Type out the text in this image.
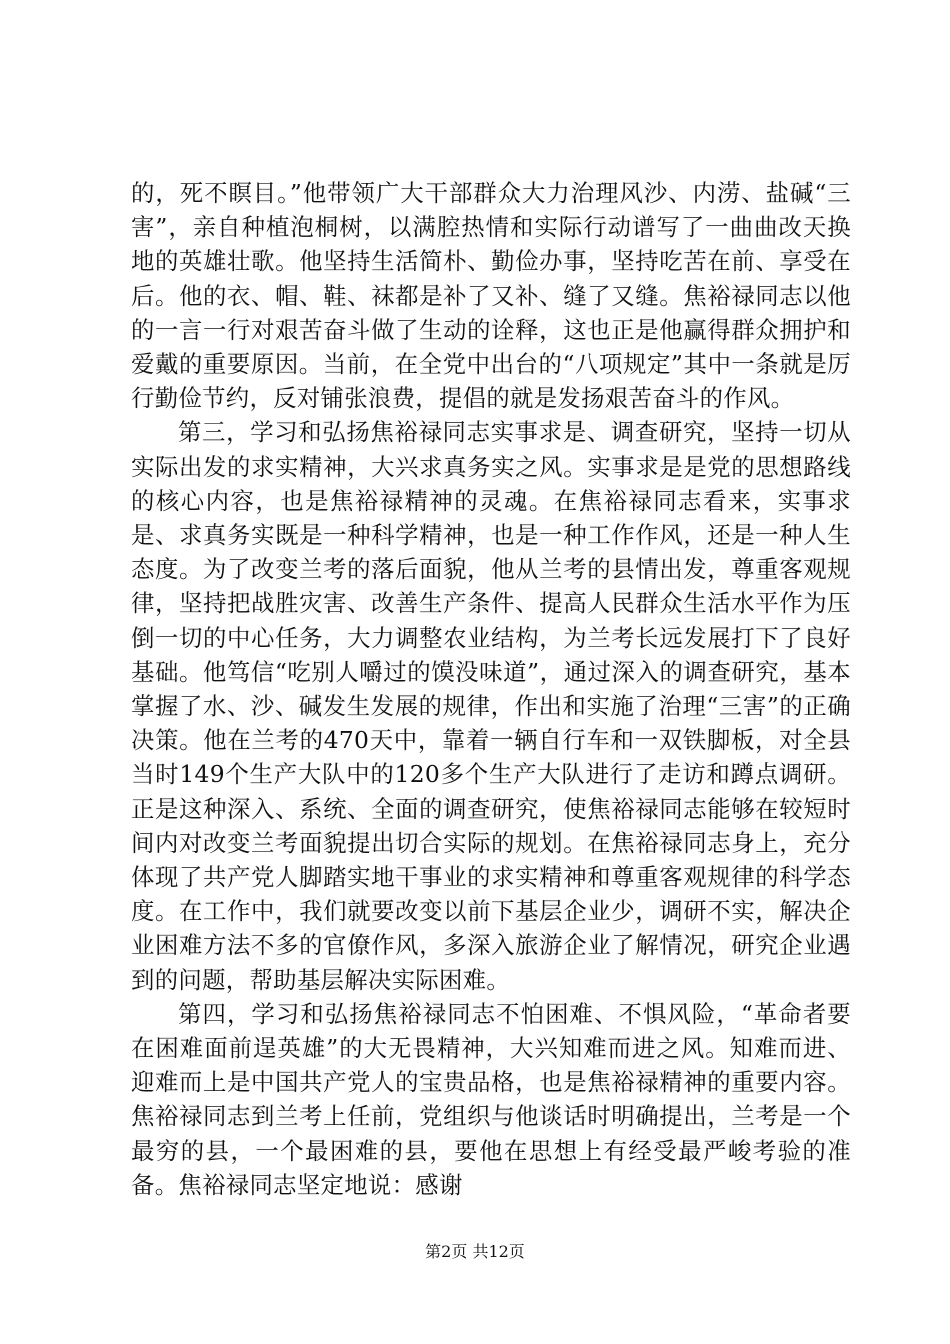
的，死不瞑目。”他带领广大干部群众大力治理风沙、内涝、盐碱“三害”，亲自种植泡桐树，以满腔热情和实际行动谱写了一曲曲改天换地的英雄壮歌。他坚持生活简朴、勤俭办事，坚持吃苦在前、享受在后。他的衣、帽、鞋、袜都是补了又补、缝了又缝。焦裕禄同志以他的一言一行对艰苦奋斗做了生动的诠释，这也正是他赢得群众拥护和爱戴的重要原因。当前，在全党中出台的“八项规定”其中一条就是厉行勤俭节约，反对铺张浪费，提倡的就是发扬艰苦奋斗的作风。

第三，学习和弘扬焦裕禄同志实事求是、调查研究，坚持一切从实际出发的求实精神，大兴求真务实之风。实事求是是党的思想路线的核心内容，也是焦裕禄精神的灵魂。在焦裕禄同志看来，实事求是、求真务实既是一种科学精神，也是一种工作作风，还是一种人生态度。为了改变兰考的落后面貌，他从兰考的县情出发，尊重客观规律，坚持把战胜灾害、改善生产条件、提高人民群众生活水平作为压倒一切的中心任务，大力调整农业结构，为兰考长远发展打下了良好基础。他笃信“吃别人嚼过的馍没味道”，通过深入的调查研究，基本掌握了水、沙、碱发生发展的规律，作出和实施了治理“三害”的正确决策。他在兰考的470天中，靠着一辆自行车和一双铁脚板，对全县当时149个生产大队中的120多个生产大队进行了走访和蹲点调研。正是这种深入、系统、全面的调查研究，使焦裕禄同志能够在较短时间内对改变兰考面貌提出切合实际的规划。在焦裕禄同志身上，充分体现了共产党人脚踏实地干事业的求实精神和尊重客观规律的科学态度。在工作中，我们就要改变以前下基层企业少，调研不实，解决企业困难方法不多的官僚作风，多深入旅游企业了解情况，研究企业遇到的问题，帮助基层解决实际困难。

第四，学习和弘扬焦裕禄同志不怕困难、不惧风险，“革命者要在困难面前逞英雄”的大无畏精神，大兴知难而进之风。知难而进、迎难而上是中国共产党人的宝贵品格，也是焦裕禄精神的重要内容。焦裕禄同志到兰考上任前，党组织与他谈话时明确提出，兰考是一个最穷的县，一个最困难的县，要他在思想上有经受最严峻考验的准备。焦裕禄同志坚定地说：感谢

第2页 共12页
